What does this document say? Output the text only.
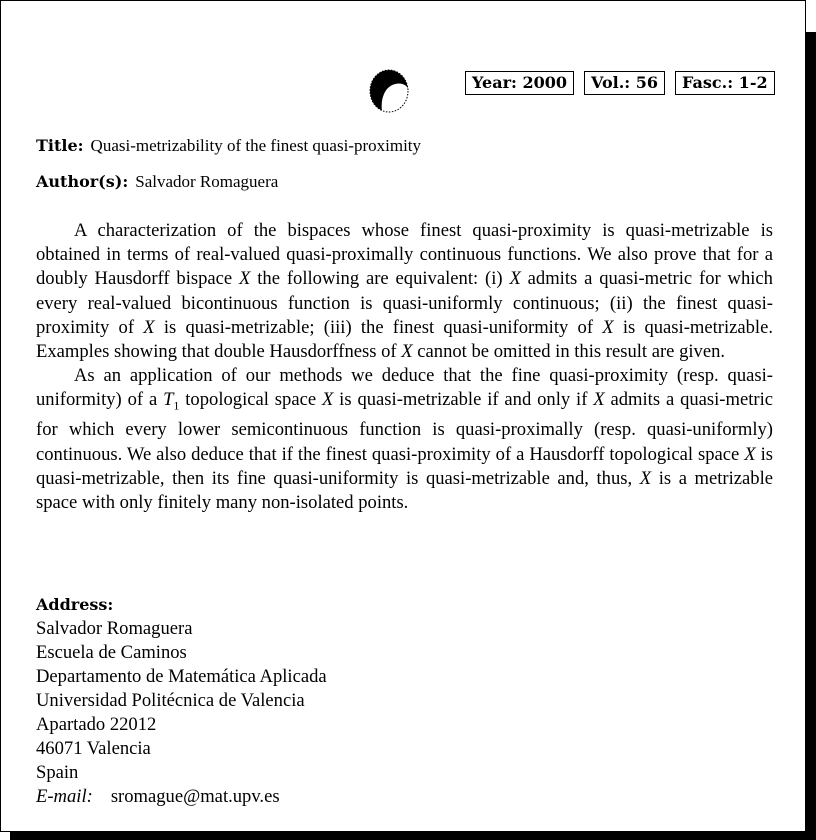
Year: 2000	Vol.: 56	Fasc.: 1-2
Title: Quasi-metrizability of the finest quasi-proximity
Author(s): Salvador Romaguera

A characterization of the bispaces whose finest quasi-proximity is quasi-metrizable is obtained in terms of real-valued quasi-proximally continuous functions. We also prove that for a doubly Hausdorff bispace X the following are equivalent: (i) X admits a quasi-metric for which every real-valued bicontinuous function is quasi-uniformly continuous; (ii) the finest quasi-proximity of X is quasi-metrizable; (iii) the finest quasi-uniformity of X is quasi-metrizable. Examples showing that double Hausdorffness of X cannot be omitted in this result are given.

As an application of our methods we deduce that the fine quasi-proximity (resp. quasi-uniformity) of a $T_1$ topological space X is quasi-metrizable if and only if X admits a quasi-metric for which every lower semicontinuous function is quasi-proximally (resp. quasi-uniformly) continuous. We also deduce that if the finest quasi-proximity of a Hausdorff topological space X is quasi-metrizable, then its fine quasi-uniformity is quasi-metrizable and, thus, X is a metrizable space with only finitely many non-isolated points.

Address:
Salvador Romaguera
Escuela de Caminos
Departamento de Matemática Aplicada
Universidad Politécnica de Valencia
Apartado 22012
46071 Valencia
Spain
E-mail: sromague@mat.upv.es
